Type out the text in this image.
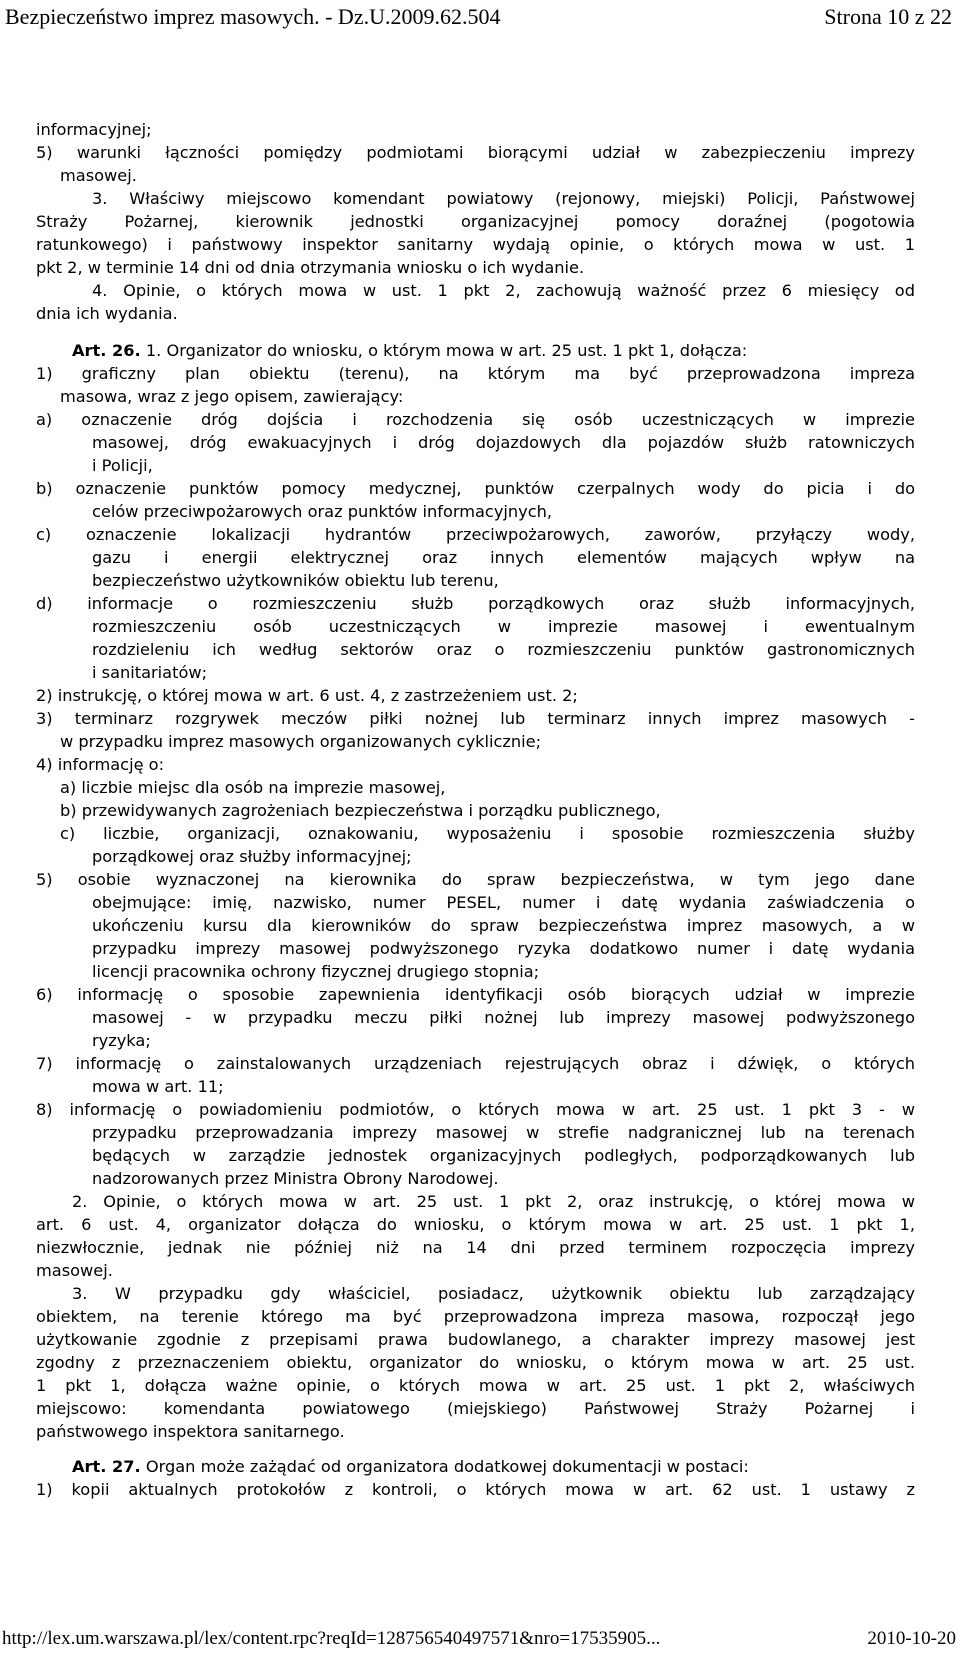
Bezpieczeństwo imprez masowych. - Dz.U.2009.62.504	Strona 10 z 22
informacyjnej;
5) warunki łączności pomiędzy podmiotami biorącymi udział w zabezpieczeniu imprezy
masowej.
3. Właściwy miejscowo komendant powiatowy (rejonowy, miejski) Policji, Państwowej
Straży Pożarnej, kierownik jednostki organizacyjnej pomocy doraźnej (pogotowia
ratunkowego) i państwowy inspektor sanitarny wydają opinie, o których mowa w ust. 1
pkt 2, w terminie 14 dni od dnia otrzymania wniosku o ich wydanie.
4. Opinie, o których mowa w ust. 1 pkt 2, zachowują ważność przez 6 miesięcy od
dnia ich wydania.
Art. 26. 1. Organizator do wniosku, o którym mowa w art. 25 ust. 1 pkt 1, dołącza:
1) graficzny plan obiektu (terenu), na którym ma być przeprowadzona impreza
masowa, wraz z jego opisem, zawierający:
a) oznaczenie dróg dojścia i rozchodzenia się osób uczestniczących w imprezie
masowej, dróg ewakuacyjnych i dróg dojazdowych dla pojazdów służb ratowniczych
i Policji,
b) oznaczenie punktów pomocy medycznej, punktów czerpalnych wody do picia i do
celów przeciwpożarowych oraz punktów informacyjnych,
c) oznaczenie lokalizacji hydrantów przeciwpożarowych, zaworów, przyłączy wody,
gazu i energii elektrycznej oraz innych elementów mających wpływ na
bezpieczeństwo użytkowników obiektu lub terenu,
d) informacje o rozmieszczeniu służb porządkowych oraz służb informacyjnych,
rozmieszczeniu osób uczestniczących w imprezie masowej i ewentualnym
rozdzieleniu ich według sektorów oraz o rozmieszczeniu punktów gastronomicznych
i sanitariatów;
2) instrukcję, o której mowa w art. 6 ust. 4, z zastrzeżeniem ust. 2;
3) terminarz rozgrywek meczów piłki nożnej lub terminarz innych imprez masowych -
w przypadku imprez masowych organizowanych cyklicznie;
4) informację o:
a) liczbie miejsc dla osób na imprezie masowej,
b) przewidywanych zagrożeniach bezpieczeństwa i porządku publicznego,
c) liczbie, organizacji, oznakowaniu, wyposażeniu i sposobie rozmieszczenia służby
porządkowej oraz służby informacyjnej;
5) osobie wyznaczonej na kierownika do spraw bezpieczeństwa, w tym jego dane
obejmujące: imię, nazwisko, numer PESEL, numer i datę wydania zaświadczenia o
ukończeniu kursu dla kierowników do spraw bezpieczeństwa imprez masowych, a w
przypadku imprezy masowej podwyższonego ryzyka dodatkowo numer i datę wydania
licencji pracownika ochrony fizycznej drugiego stopnia;
6) informację o sposobie zapewnienia identyfikacji osób biorących udział w imprezie
masowej - w przypadku meczu piłki nożnej lub imprezy masowej podwyższonego
ryzyka;
7) informację o zainstalowanych urządzeniach rejestrujących obraz i dźwięk, o których
mowa w art. 11;
8) informację o powiadomieniu podmiotów, o których mowa w art. 25 ust. 1 pkt 3 - w
przypadku przeprowadzania imprezy masowej w strefie nadgranicznej lub na terenach
będących w zarządzie jednostek organizacyjnych podległych, podporządkowanych lub
nadzorowanych przez Ministra Obrony Narodowej.
2. Opinie, o których mowa w art. 25 ust. 1 pkt 2, oraz instrukcję, o której mowa w
art. 6 ust. 4, organizator dołącza do wniosku, o którym mowa w art. 25 ust. 1 pkt 1,
niezwłocznie, jednak nie później niż na 14 dni przed terminem rozpoczęcia imprezy
masowej.
3. W przypadku gdy właściciel, posiadacz, użytkownik obiektu lub zarządzający
obiektem, na terenie którego ma być przeprowadzona impreza masowa, rozpoczął jego
użytkowanie zgodnie z przepisami prawa budowlanego, a charakter imprezy masowej jest
zgodny z przeznaczeniem obiektu, organizator do wniosku, o którym mowa w art. 25 ust.
1 pkt 1, dołącza ważne opinie, o których mowa w art. 25 ust. 1 pkt 2, właściwych
miejscowo: komendanta powiatowego (miejskiego) Państwowej Straży Pożarnej i
państwowego inspektora sanitarnego.
Art. 27. Organ może zażądać od organizatora dodatkowej dokumentacji w postaci:
1) kopii aktualnych protokołów z kontroli, o których mowa w art. 62 ust. 1 ustawy z
http://lex.um.warszawa.pl/lex/content.rpc?reqId=128756540497571&nro=17535905...	2010-10-20
